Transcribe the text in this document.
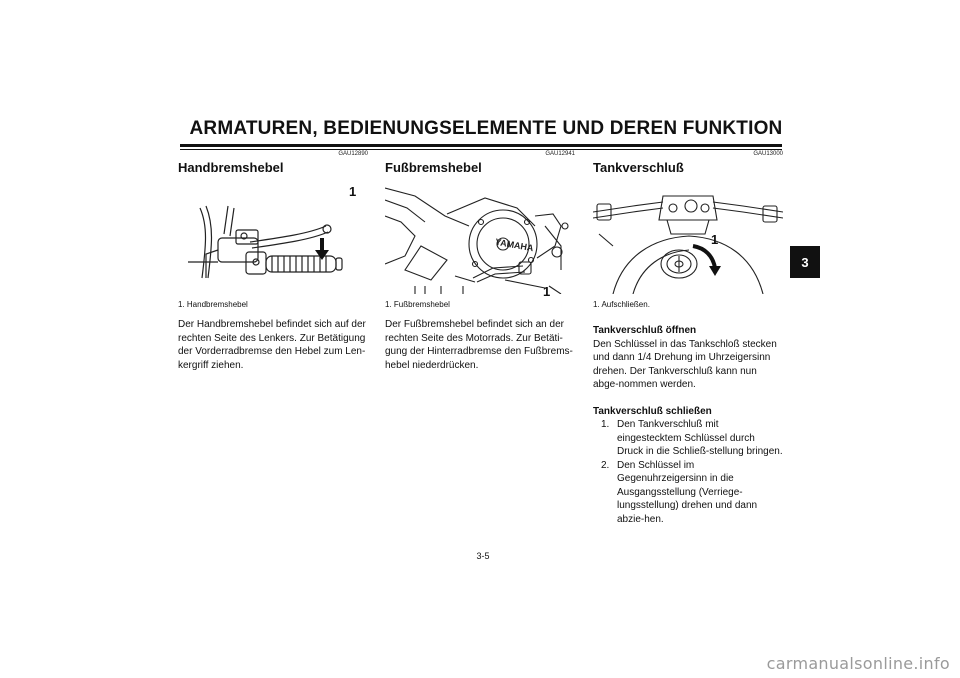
ARMATUREN, BEDIENUNGSELEMENTE UND DEREN FUNKTION
3
GAU12890
Handbremshebel
1
1. Handbremshebel
Der Handbremshebel befindet sich auf der rechten Seite des Lenkers. Zur Betätigung der Vorderradbremse den Hebel zum Len-kergriff ziehen.
GAU12941
Fußbremshebel
YAMAHA
1
1. Fußbremshebel
Der Fußbremshebel befindet sich an der rechten Seite des Motorrads. Zur Betäti-gung der Hinterradbremse den Fußbrems-hebel niederdrücken.
GAU13000
Tankverschluß
1
1. Aufschließen.
Tankverschluß öffnen
Den Schlüssel in das Tankschloß stecken und dann 1/4 Drehung im Uhrzeigersinn drehen. Der Tankverschluß kann nun abge-nommen werden.
Tankverschluß schließen
1. Den Tankverschluß mit eingestecktem Schlüssel durch Druck in die Schließ-stellung bringen.
2. Den Schlüssel im Gegenuhrzeigersinn in die Ausgangsstellung (Verriege-lungsstellung) drehen und dann abzie-hen.
3-5
carmanualsonline.info
